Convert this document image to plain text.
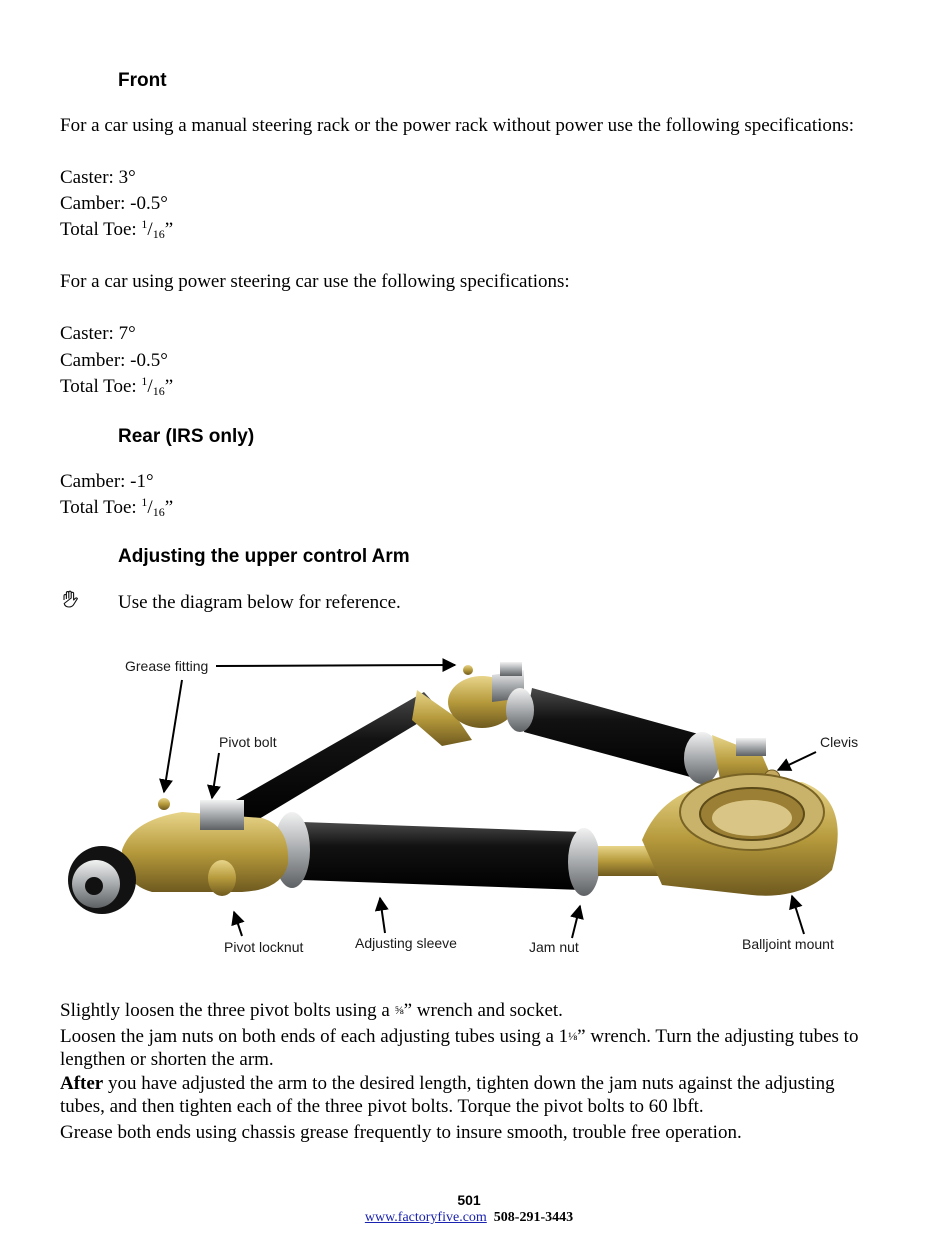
Front

For a car using a manual steering rack or the power rack without power use the following specifications:

Caster: 3°

Camber: -0.5°

Total Toe: $^1/_{16}$”

For a car using power steering car use the following specifications:

Caster: 7°

Camber: -0.5°

Total Toe: $^1/_{16}$”

Rear (IRS only)

Camber: -1°

Total Toe: $^1/_{16}$”

Adjusting the upper control Arm

Use the diagram below for reference.

Grease fitting
Pivot bolt	Clevis
Pivot locknut	Adjusting sleeve	Jam nut	Balljoint mount

Slightly loosen the three pivot bolts using a ⅝” wrench and socket.

Loosen the jam nuts on both ends of each adjusting tubes using a 1⅛” wrench. Turn the adjusting tubes to lengthen or shorten the arm.

After you have adjusted the arm to the desired length, tighten down the jam nuts against the adjusting tubes, and then tighten each of the three pivot bolts. Torque the pivot bolts to 60 lbft.

Grease both ends using chassis grease frequently to insure smooth, trouble free operation.

501
www.factoryfive.com 508-291-3443
